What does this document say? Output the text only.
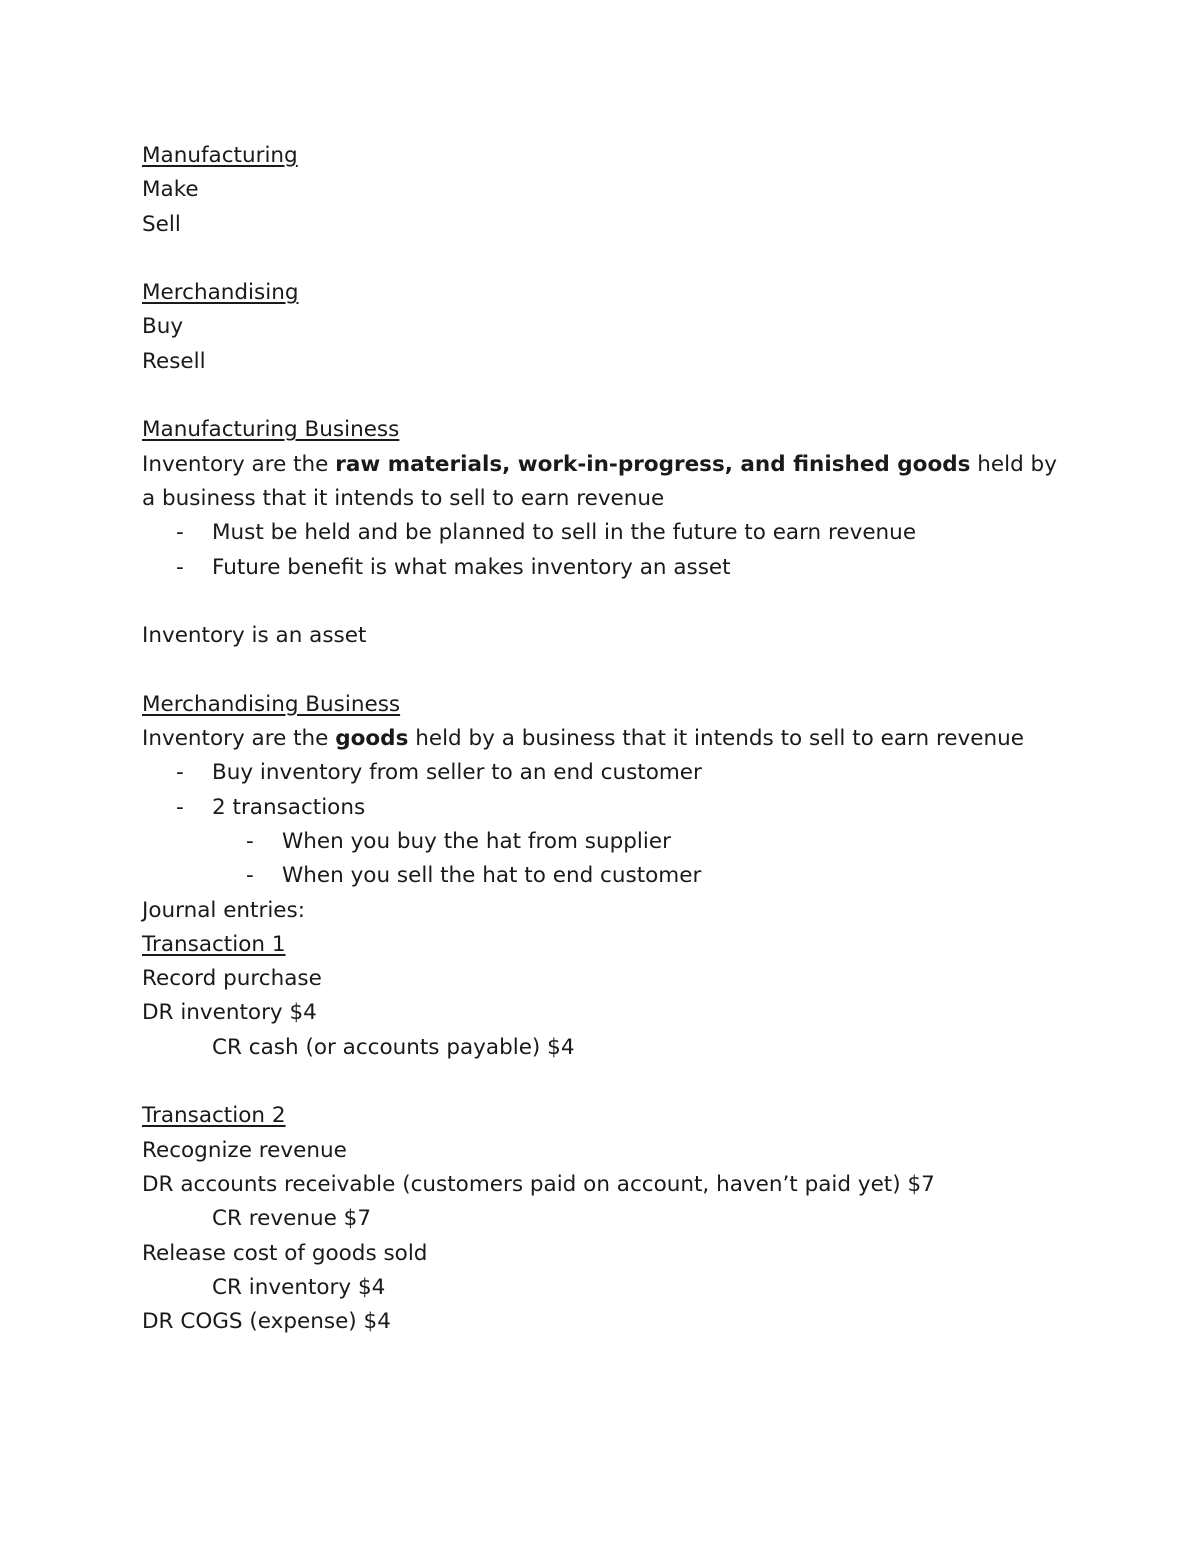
Manufacturing
Make
Sell
Merchandising
Buy
Resell
Manufacturing Business
Inventory are the raw materials, work-in-progress, and finished goods held by a business that it intends to sell to earn revenue
- Must be held and be planned to sell in the future to earn revenue
- Future benefit is what makes inventory an asset
Inventory is an asset
Merchandising Business
Inventory are the goods held by a business that it intends to sell to earn revenue
- Buy inventory from seller to an end customer
- 2 transactions
- When you buy the hat from supplier
- When you sell the hat to end customer
Journal entries:
Transaction 1
Record purchase
DR inventory $4
CR cash (or accounts payable) $4
Transaction 2
Recognize revenue
DR accounts receivable (customers paid on account, haven’t paid yet) $7
CR revenue $7
Release cost of goods sold
CR inventory $4
DR COGS (expense) $4
